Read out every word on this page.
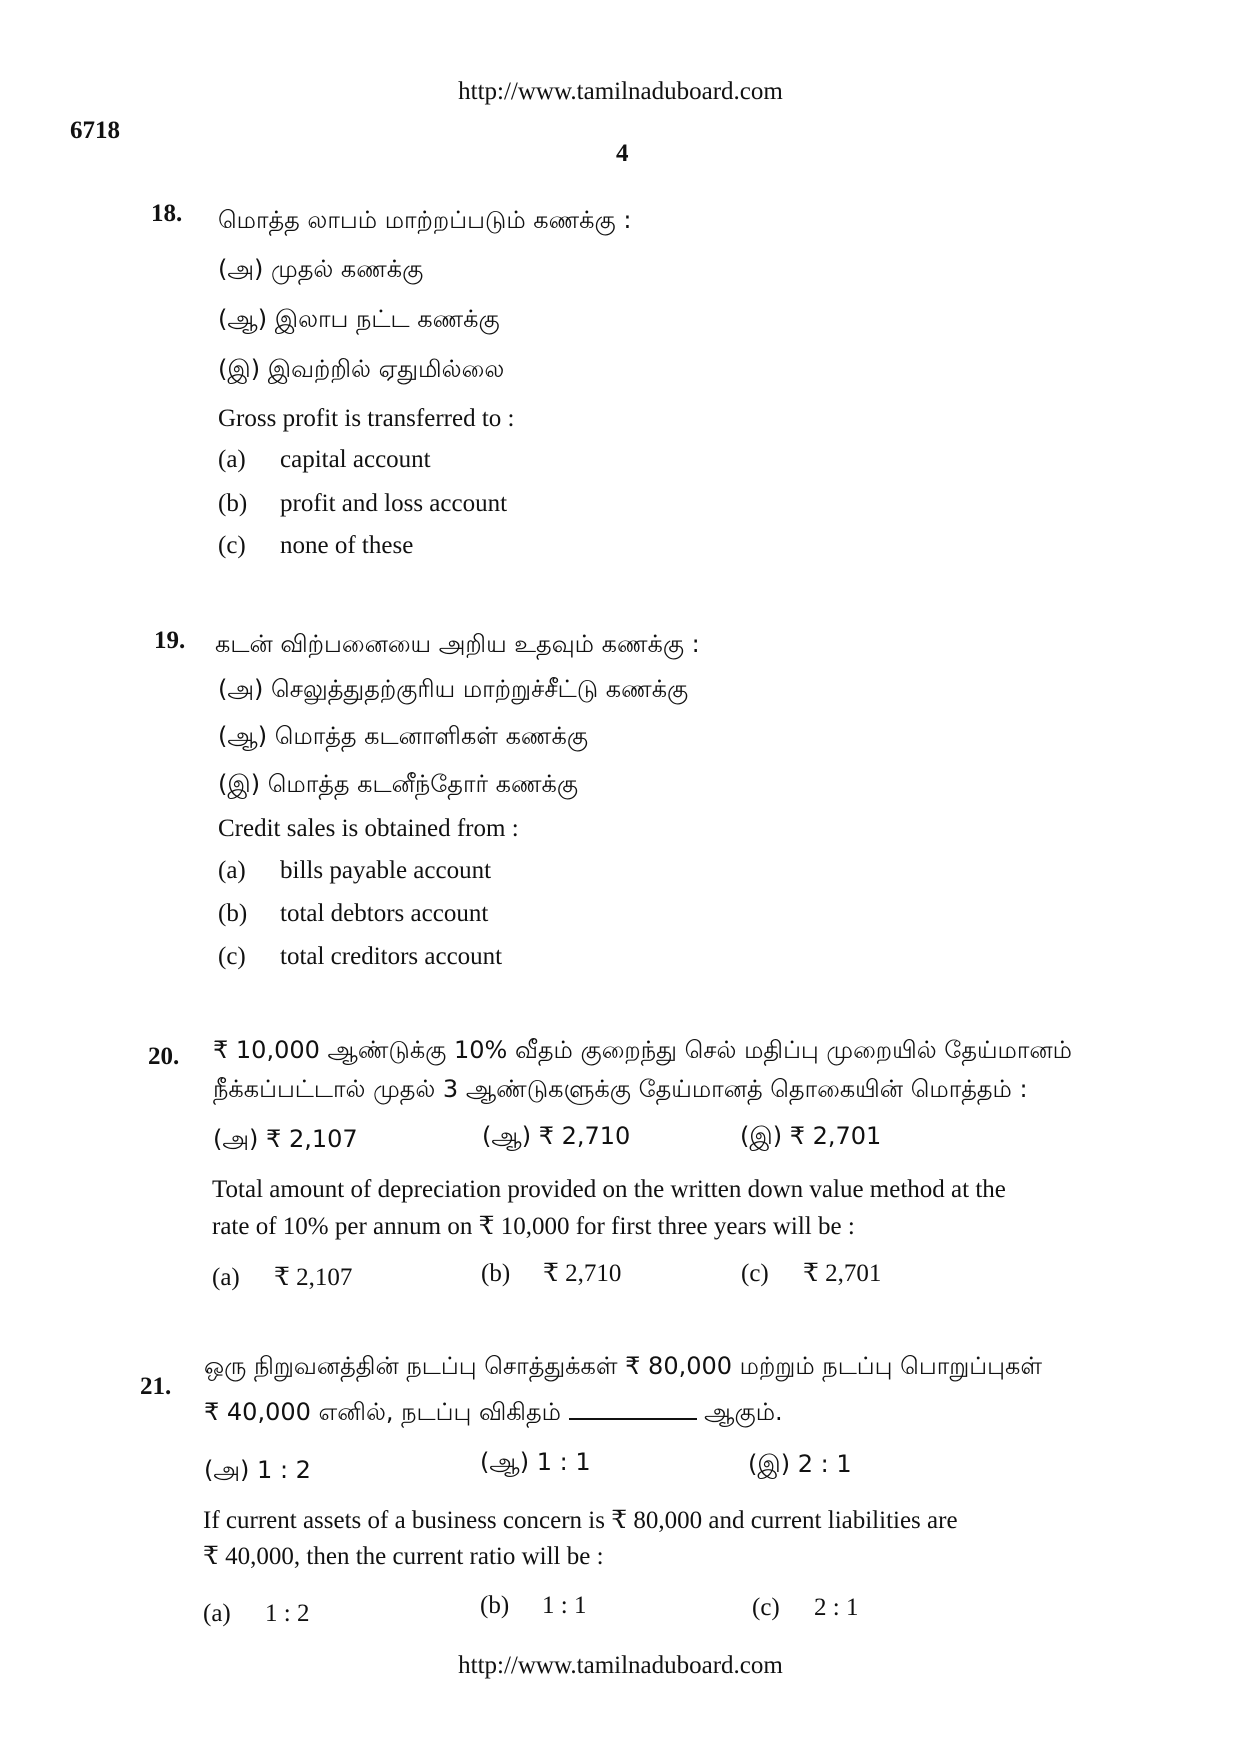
http://www.tamilnaduboard.com
6718
4
18. மொத்த லாபம் மாற்றப்படும் கணக்கு :
(அ) முதல் கணக்கு
(ஆ) இலாப நட்ட கணக்கு
(இ) இவற்றில் ஏதுமில்லை
Gross profit is transferred to :
(a) capital account
(b) profit and loss account
(c) none of these
19. கடன் விற்பனையை அறிய உதவும் கணக்கு :
(அ) செலுத்துதற்குரிய மாற்றுச்சீட்டு கணக்கு
(ஆ) மொத்த கடனாளிகள் கணக்கு
(இ) மொத்த கடனீந்தோர் கணக்கு
Credit sales is obtained from :
(a) bills payable account
(b) total debtors account
(c) total creditors account
20. ₹ 10,000 ஆண்டுக்கு 10% வீதம் குறைந்து செல் மதிப்பு முறையில் தேய்மானம்
நீக்கப்பட்டால் முதல் 3 ஆண்டுகளுக்கு தேய்மானத் தொகையின் மொத்தம் :
(அ) ₹ 2,107	(ஆ) ₹ 2,710	(இ) ₹ 2,701
Total amount of depreciation provided on the written down value method at the
rate of 10% per annum on ₹ 10,000 for first three years will be :
(a) ₹ 2,107	(b) ₹ 2,710	(c) ₹ 2,701
21.
ஒரு நிறுவனத்தின் நடப்பு சொத்துக்கள் ₹ 80,000 மற்றும் நடப்பு பொறுப்புகள்
₹ 40,000 எனில், நடப்பு விகிதம்	ஆகும்.
(அ) 1 : 2	(ஆ) 1 : 1	(இ) 2 : 1
If current assets of a business concern is ₹ 80,000 and current liabilities are
₹ 40,000, then the current ratio will be :
(a) 1 : 2	(b) 1 : 1	(c) 2 : 1
http://www.tamilnaduboard.com
